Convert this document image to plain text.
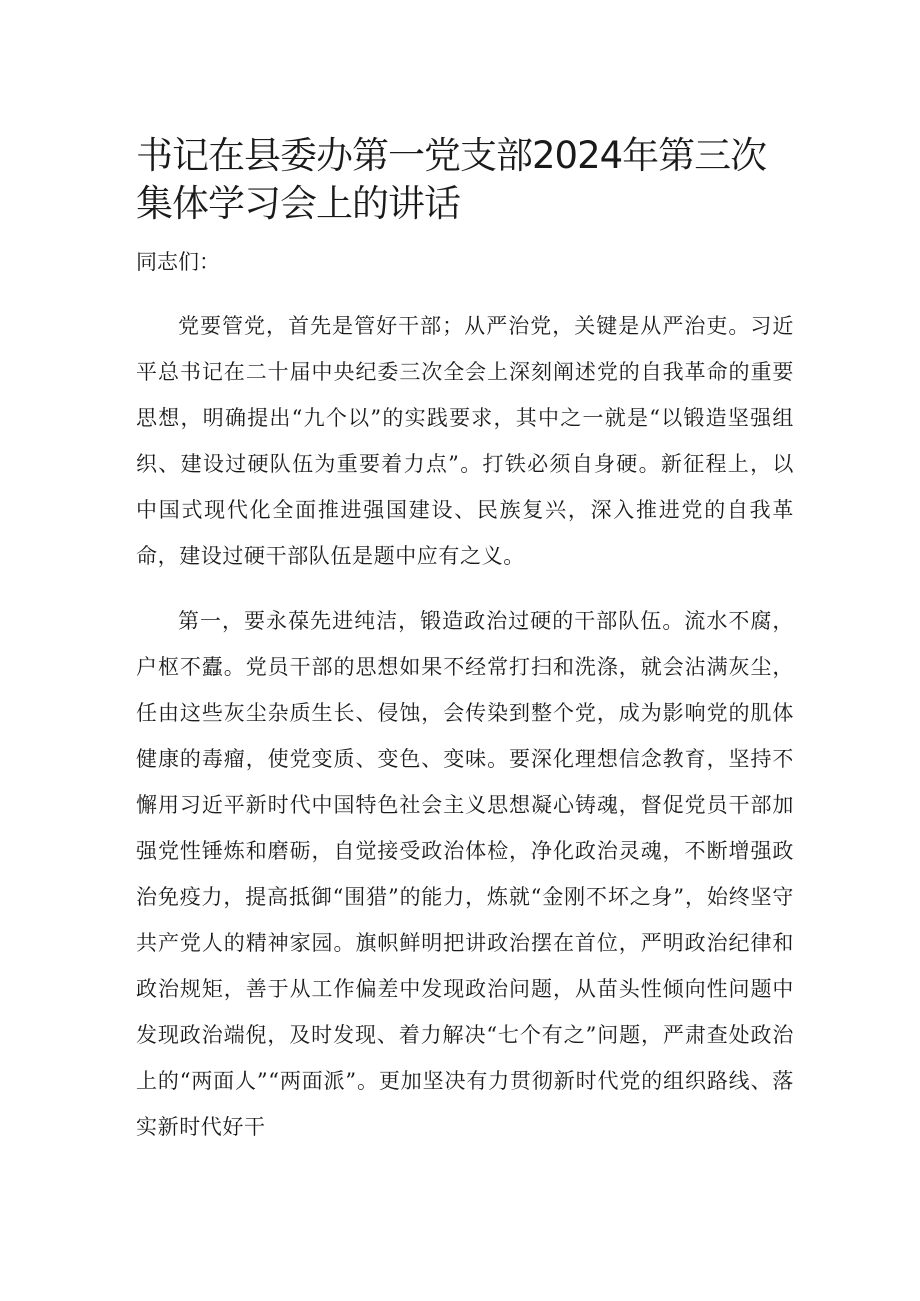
书记在县委办第一党支部2024年第三次集体学习会上的讲话

同志们：

党要管党，首先是管好干部；从严治党，关键是从严治吏。习近平总书记在二十届中央纪委三次全会上深刻阐述党的自我革命的重要思想，明确提出“九个以”的实践要求，其中之一就是“以锻造坚强组织、建设过硬队伍为重要着力点”。打铁必须自身硬。新征程上，以中国式现代化全面推进强国建设、民族复兴，深入推进党的自我革命，建设过硬干部队伍是题中应有之义。

第一，要永葆先进纯洁，锻造政治过硬的干部队伍。流水不腐，户枢不蠹。党员干部的思想如果不经常打扫和洗涤，就会沾满灰尘，任由这些灰尘杂质生长、侵蚀，会传染到整个党，成为影响党的肌体健康的毒瘤，使党变质、变色、变味。要深化理想信念教育，坚持不懈用习近平新时代中国特色社会主义思想凝心铸魂，督促党员干部加强党性锤炼和磨砺，自觉接受政治体检，净化政治灵魂，不断增强政治免疫力，提高抵御“围猎”的能力，炼就“金刚不坏之身”，始终坚守共产党人的精神家园。旗帜鲜明把讲政治摆在首位，严明政治纪律和政治规矩，善于从工作偏差中发现政治问题，从苗头性倾向性问题中发现政治端倪，及时发现、着力解决“七个有之”问题，严肃查处政治上的“两面人”“两面派”。更加坚决有力贯彻新时代党的组织路线、落实新时代好干
